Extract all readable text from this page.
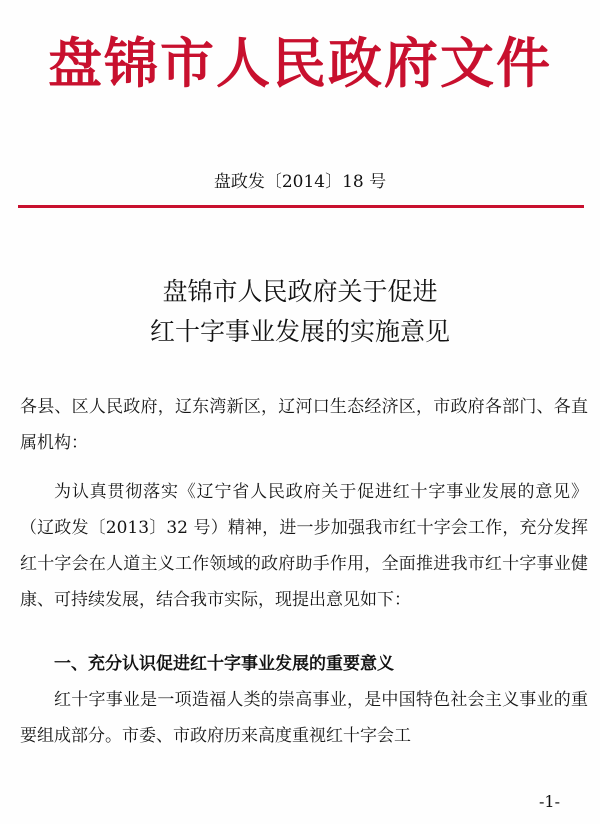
盘锦市人民政府文件
盘政发〔2014〕18 号
盘锦市人民政府关于促进
红十字事业发展的实施意见
各县、区人民政府，辽东湾新区，辽河口生态经济区，市政府各部门、各直属机构：
为认真贯彻落实《辽宁省人民政府关于促进红十字事业发展的意见》（辽政发〔2013〕32 号）精神，进一步加强我市红十字会工作，充分发挥红十字会在人道主义工作领域的政府助手作用，全面推进我市红十字事业健康、可持续发展，结合我市实际，现提出意见如下：
一、充分认识促进红十字事业发展的重要意义
红十字事业是一项造福人类的崇高事业，是中国特色社会主义事业的重要组成部分。市委、市政府历来高度重视红十字会工
-1-
